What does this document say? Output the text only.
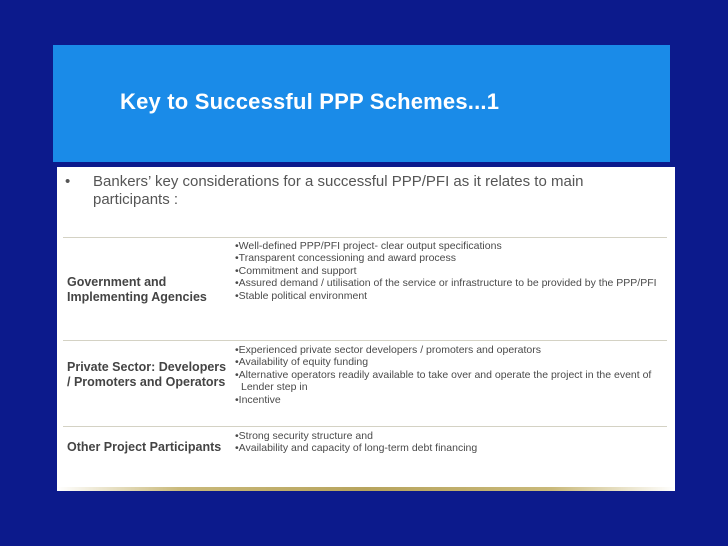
Key to Successful PPP Schemes...1
• Bankers’ key considerations for a successful PPP/PFI as it relates to main participants :
Government and Implementing Agencies
•Well-defined PPP/PFI project- clear output specifications
•Transparent concessioning and award process
•Commitment and support
•Assured demand / utilisation of the service or infrastructure to be provided by the PPP/PFI
•Stable political environment
Private Sector: Developers / Promoters and Operators
•Experienced private sector developers / promoters and operators
•Availability of equity funding
•Alternative operators readily available to take over and operate the project in the event of Lender step in
•Incentive
Other Project Participants
•Strong security structure and
•Availability and capacity of long-term debt financing
